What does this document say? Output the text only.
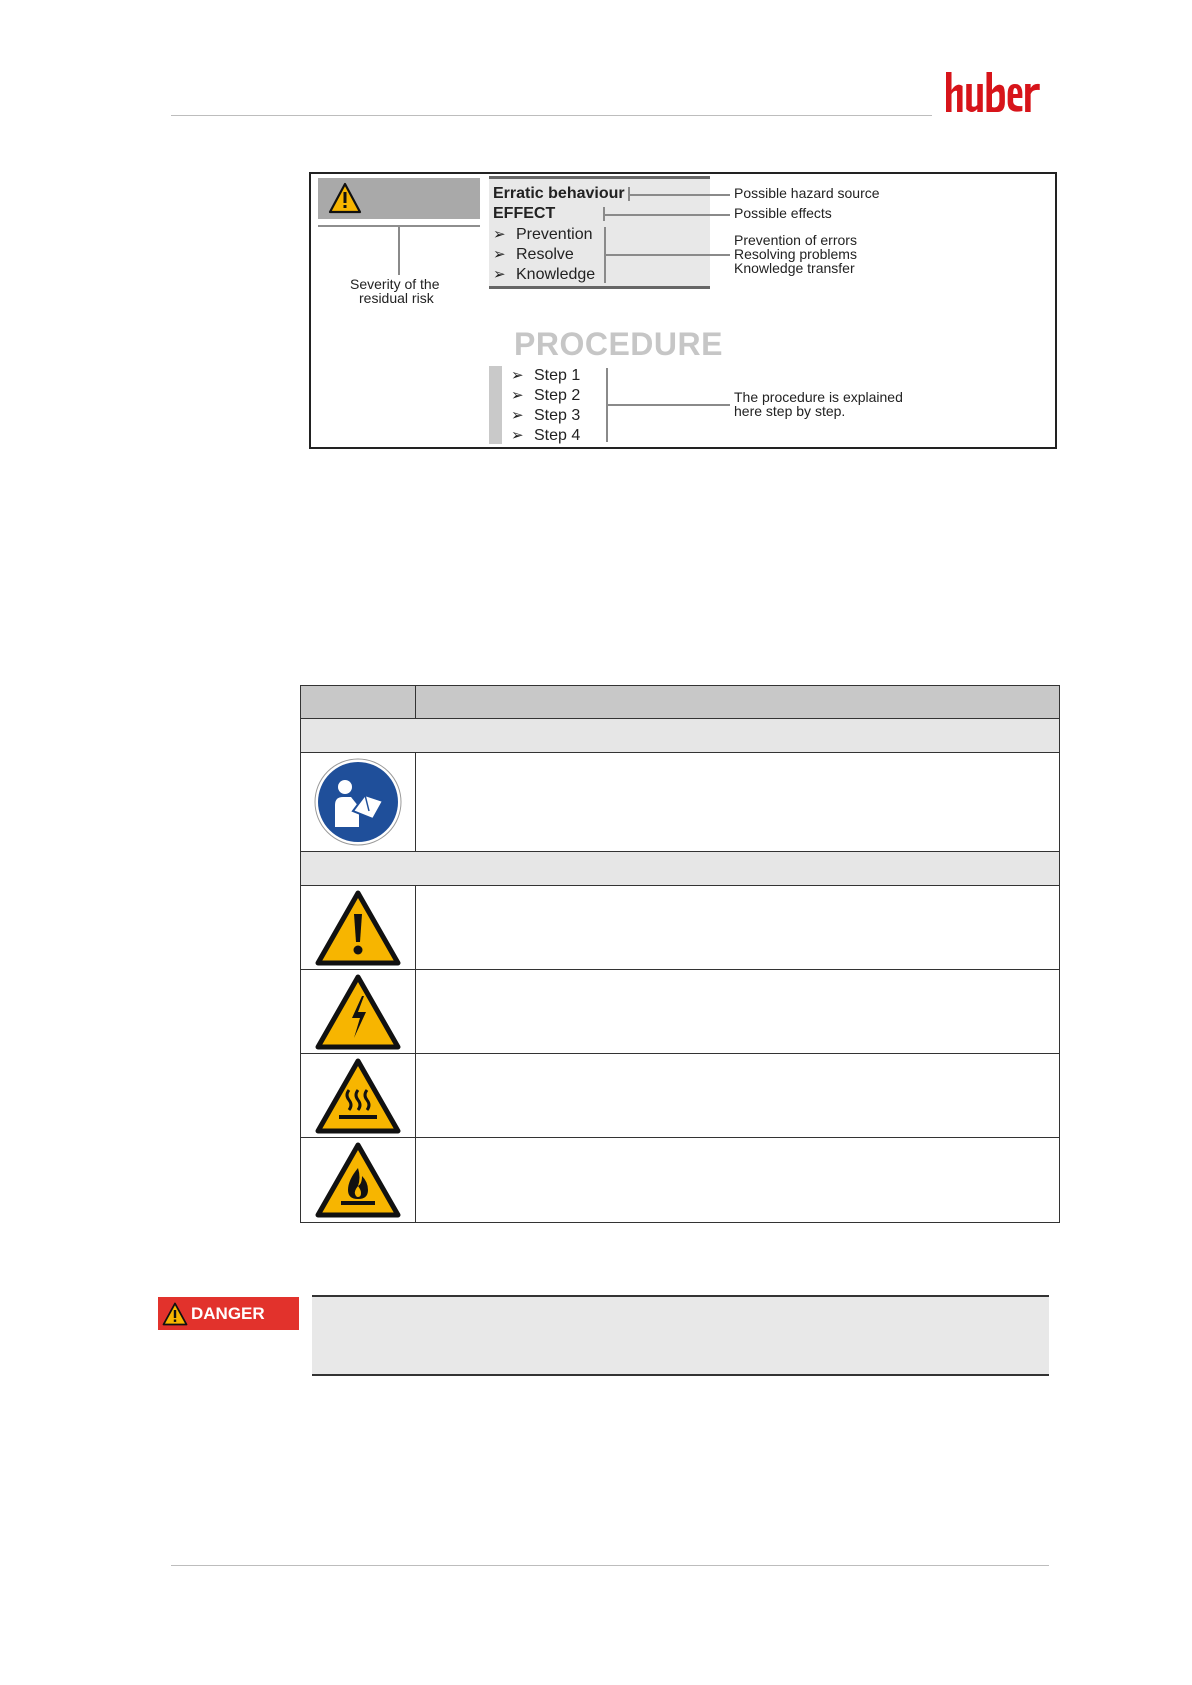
Severity of the
residual risk
Erratic behaviour
EFFECT
➢ Prevention
➢ Resolve
➢ Knowledge
Possible hazard source
Possible effects
Prevention of errors
Resolving problems
Knowledge transfer
PROCEDURE
➢ Step 1
➢ Step 2
➢ Step 3
➢ Step 4
The procedure is explained
here step by step.
DANGER
